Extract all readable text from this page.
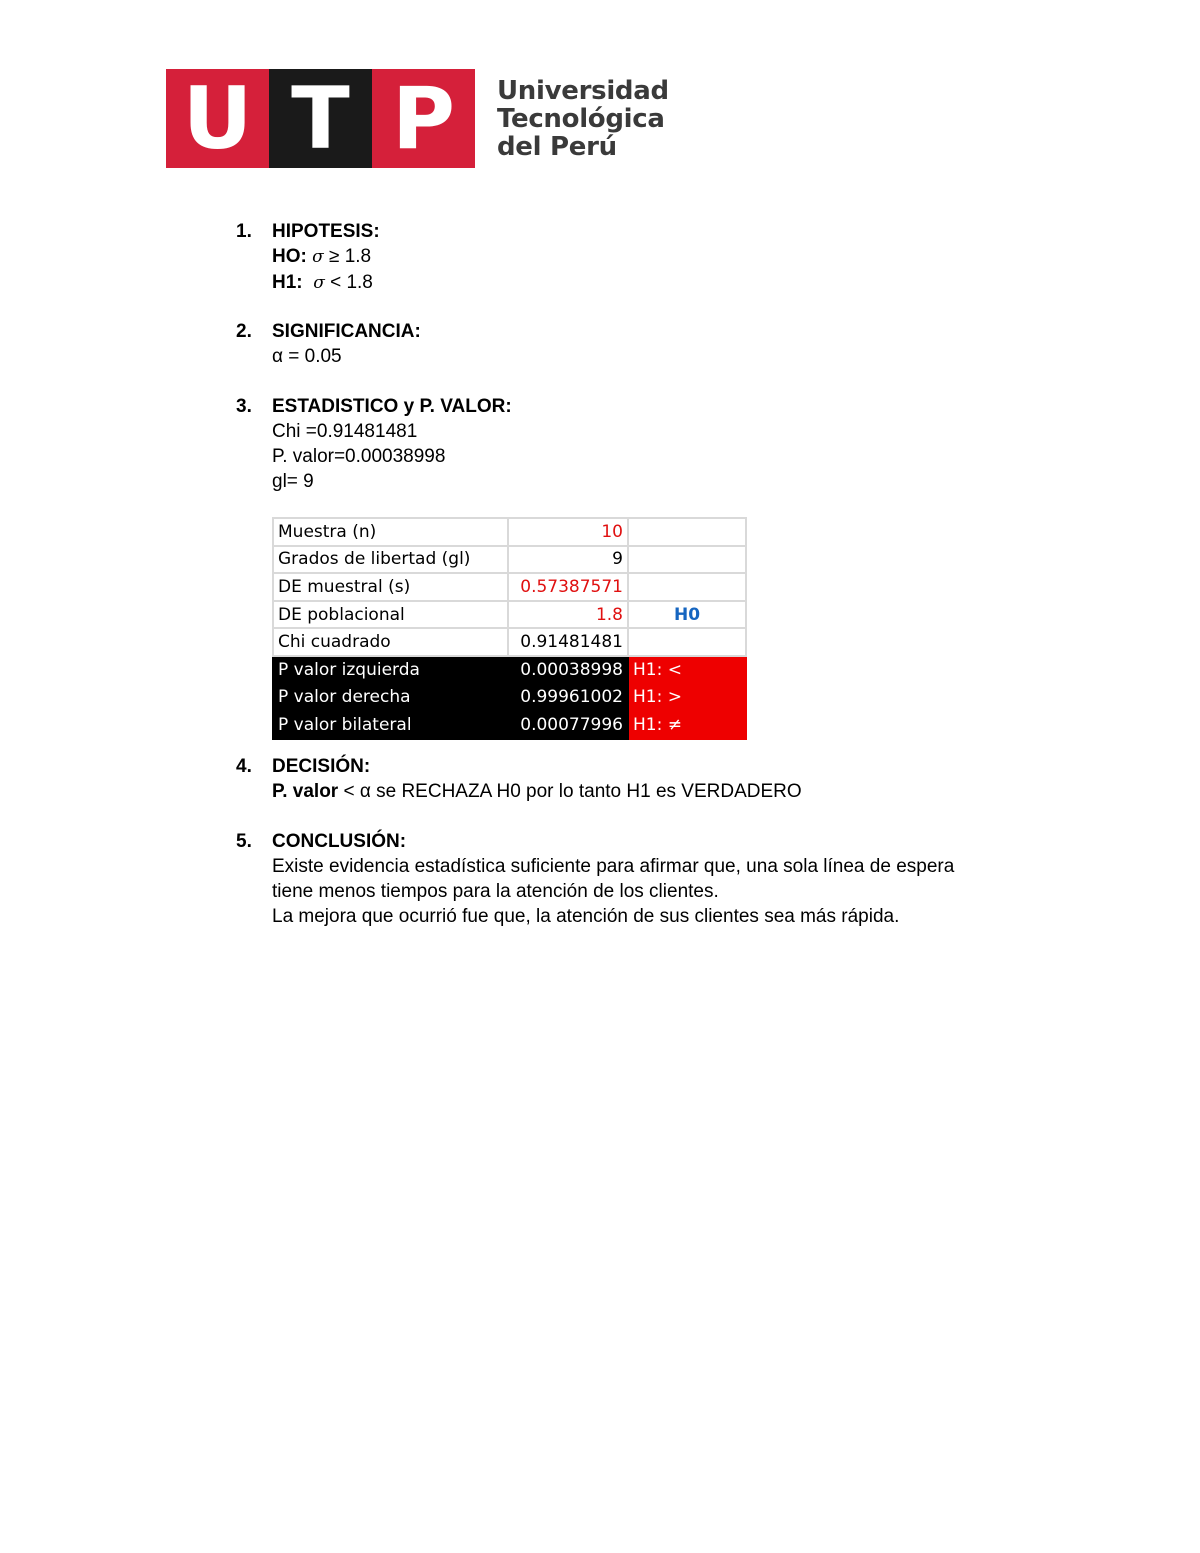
U T P	Universidad
Tecnológica
del Perú
1. HIPOTESIS:
HO: σ ≥ 1.8
H1: σ < 1.8
2. SIGNIFICANCIA:
α = 0.05
3. ESTADISTICO y P. VALOR:
Chi =0.91481481
P. valor=0.00038998
gl= 9
Muestra (n)	10	
Grados de libertad (gl)	9	
DE muestral (s)	0.57387571	
DE poblacional	1.8	H0
Chi cuadrado	0.91481481	
P valor izquierda	0.00038998	H1: <
P valor derecha	0.99961002	H1: >
P valor bilateral	0.00077996	H1: ≠
4. DECISIÓN:
P. valor < α se RECHAZA H0 por lo tanto H1 es VERDADERO
5. CONCLUSIÓN:
Existe evidencia estadística suficiente para afirmar que, una sola línea de espera
tiene menos tiempos para la atención de los clientes.
La mejora que ocurrió fue que, la atención de sus clientes sea más rápida.
